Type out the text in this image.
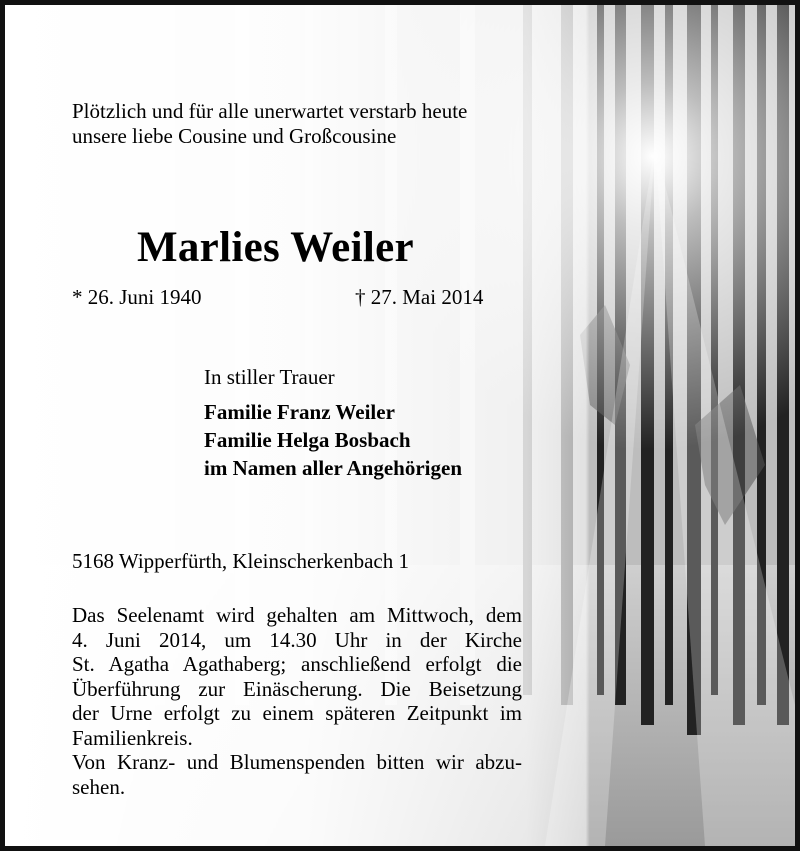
Plötzlich und für alle unerwartet verstarb heute

unsere liebe Cousine und Großcousine

Marlies Weiler

* 26. Juni 1940	† 27. Mai 2014

In stiller Trauer

Familie Franz Weiler

Familie Helga Bosbach

im Namen aller Angehörigen

5168 Wipperfürth, Kleinscherkenbach 1

Das Seelenamt wird gehalten am Mittwoch, dem
4. Juni 2014, um 14.30 Uhr in der Kirche
St. Agatha Agathaberg; anschließend erfolgt die
Überführung zur Einäscherung. Die Beisetzung
der Urne erfolgt zu einem späteren Zeitpunkt im
Familienkreis.
Von Kranz- und Blumenspenden bitten wir abzu-
sehen.
